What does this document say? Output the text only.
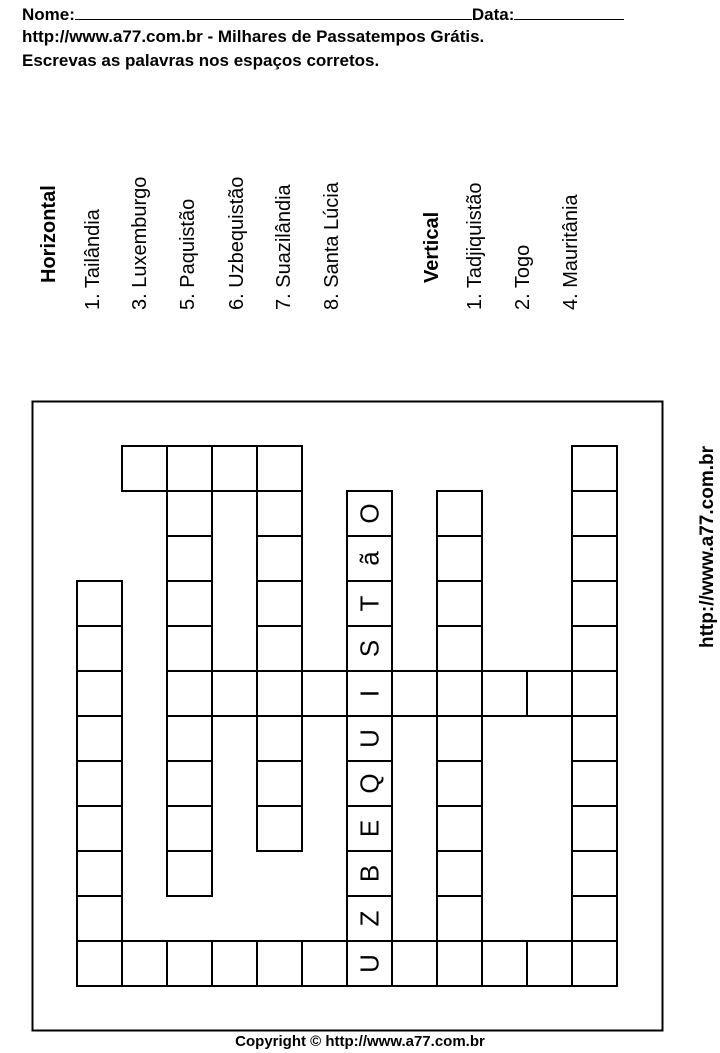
Nome:	Data:
http://www.a77.com.br - Milhares de Passatempos Grátis.
Escrevas as palavras nos espaços corretos.
Horizontal 1. Tailândia 3. Luxemburgo 5. Paquistão 6. Uzbequistão 7. Suazilândia 8. Santa Lúcia	Vertical 1. Tadjiquistão 2. Togo 4. Mauritânia
U
Z
B
E
Q
U
I
S
T
ã
O	http://www.a77.com.br
Copyright © http://www.a77.com.br
